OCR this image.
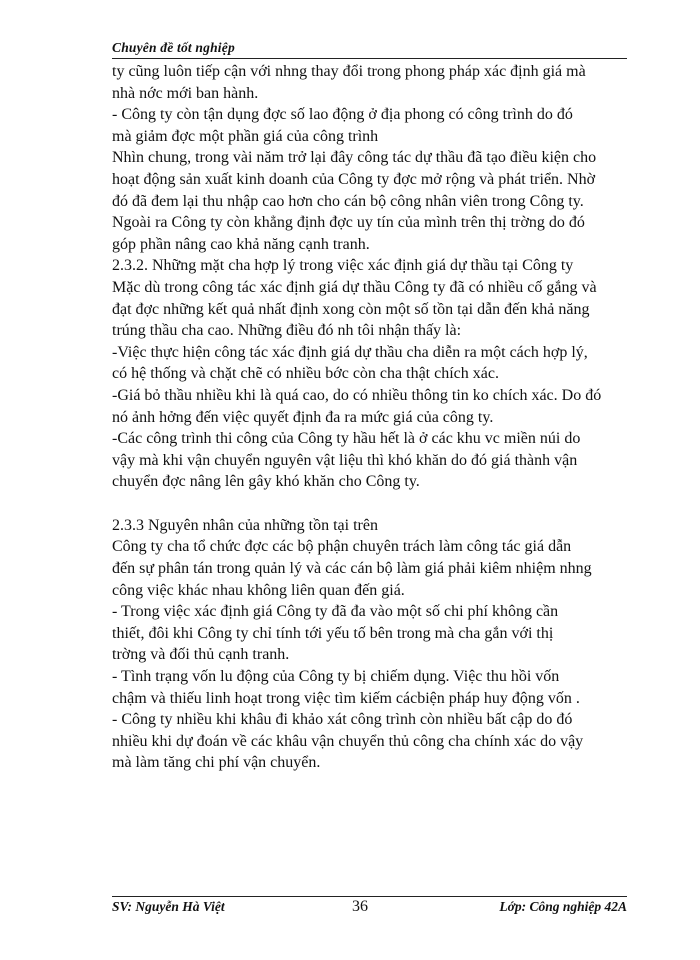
Chuyên đề tốt nghiệp

ty cũng luôn tiếp cận với nhng thay đổi trong phong pháp xác định giá mà

nhà nớc mới ban hành.

- Công ty còn tận dụng đợc số lao động ở địa phong có công trình do đó

mà giảm đợc một phần giá của công trình

Nhìn chung, trong vài năm trở lại đây công tác dự thầu đã tạo điều kiện cho

hoạt động sản xuất kinh doanh của Công ty đợc mở rộng và phát triển. Nhờ

đó đã đem lại thu nhập cao hơn cho cán bộ công nhân viên trong Công ty.

Ngoài ra Công ty còn khẳng định đợc uy tín của mình trên thị trờng do đó

góp phần nâng cao khả năng cạnh tranh.

2.3.2. Những mặt cha hợp lý trong việc xác định giá dự thầu tại Công ty

Mặc dù trong công tác xác định giá dự thầu Công ty đã có nhiều cố gắng và

đạt đợc những kết quả nhất định xong còn một số tồn tại dẫn đến khả năng

trúng thầu cha cao. Những điều đó nh tôi nhận thấy là:

-Việc thực hiện công tác xác định giá dự thầu cha diễn ra một cách hợp lý,

có hệ thống và chặt chẽ có nhiều bớc còn cha thật chích xác.

-Giá bỏ thầu nhiều khi là quá cao, do có nhiều thông tin ko chích xác. Do đó

nó ảnh hởng đến việc quyết định đa ra mức giá của công ty.

-Các công trình thi công của Công ty hầu hết là ở các khu vc miền núi do

vậy mà khi vận chuyển nguyên vật liệu thì khó khăn do đó giá thành vận

chuyển đợc nâng lên gây khó khăn cho Công ty.

2.3.3 Nguyên nhân của những tồn tại trên

Công ty cha tổ chức đợc các bộ phận chuyên trách làm công tác giá dẫn

đến sự phân tán trong quản lý và các cán bộ làm giá phải kiêm nhiệm nhng

công việc khác nhau không liên quan đến giá.

- Trong việc xác định giá Công ty đã đa vào một số chi phí không cần

thiết, đôi khi Công ty chỉ tính tới yếu tố bên trong mà cha gắn với thị

trờng và đối thủ cạnh tranh.

- Tình trạng vốn lu động của Công ty bị chiếm dụng. Việc thu hồi vốn

chậm và thiếu linh hoạt trong việc tìm kiếm cácbiện pháp huy động vốn .

- Công ty nhiều khi khâu đi khảo xát công trình còn nhiều bất cập do đó

nhiều khi dự đoán về các khâu vận chuyển thủ công cha chính xác do vậy

mà làm tăng chi phí vận chuyển.

SV: Nguyễn Hà Việt	36	Lớp: Công nghiệp 42A
